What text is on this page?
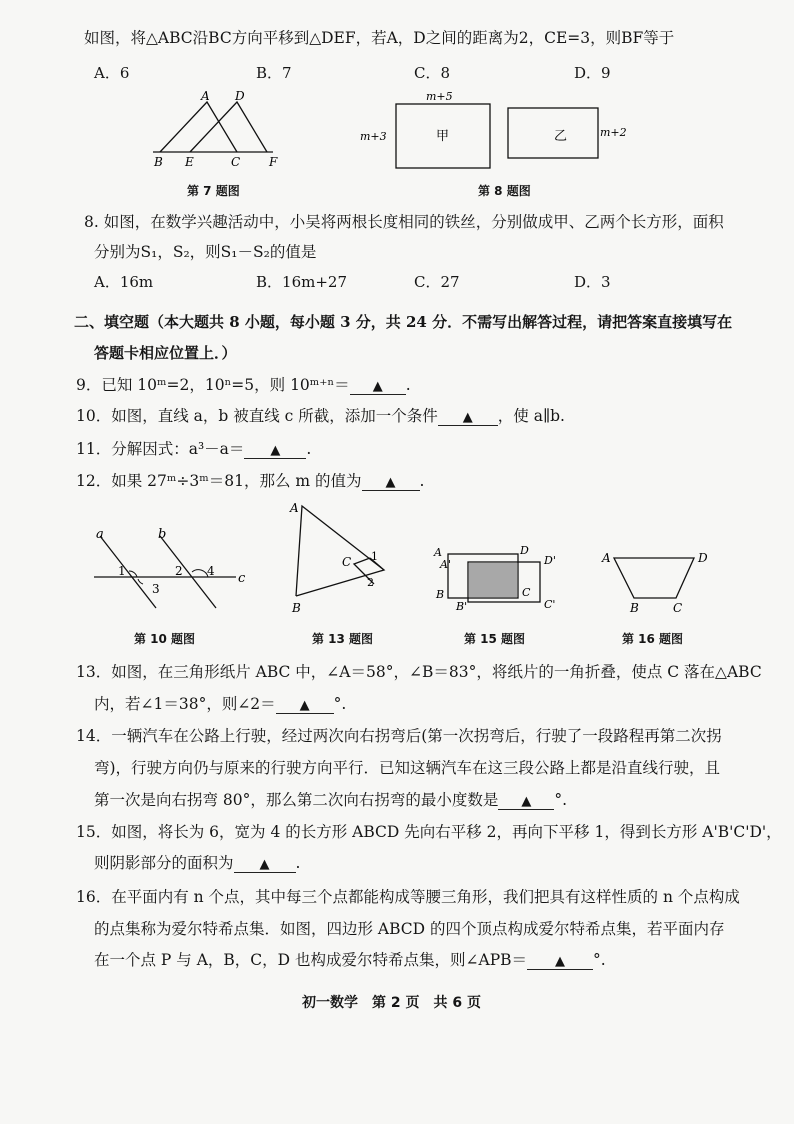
如图，将△ABC沿BC方向平移到△DEF，若A，D之间的距离为2，CE=3，则BF等于
A．6	B．7	C．8	D．9
A D
B E	C F
第 7 题图
m+5
m+3	甲	乙	m+2
第 8 题图
8. 如图，在数学兴趣活动中，小吴将两根长度相同的铁丝，分别做成甲、乙两个长方形，面积
分别为S₁，S₂，则S₁－S₂的值是
A．16m	B．16m+27	C．27	D．3
二、填空题（本大题共 8 小题，每小题 3 分，共 24 分．不需写出解答过程，请把答案直接填写在
答题卡相应位置上．）
9．已知 10ᵐ=2，10ⁿ=5，则 10ᵐ⁺ⁿ＝ ▲ .
10．如图，直线 a，b 被直线 c 所截，添加一个条件 ▲ ，使 a∥b.
11．分解因式：a³－a＝ ▲ .
12．如果 27ᵐ÷3ᵐ＝81，那么 m 的值为 ▲ .
a	b
1	2
3
4 c
第 10 题图
A
C 1
2
B
第 13 题图
A'
D
D'
A
B	C
B'	C'
第 15 题图
A	D
B	C
第 16 题图
13．如图，在三角形纸片 ABC 中，∠A＝58°，∠B＝83°，将纸片的一角折叠，使点 C 落在△ABC
内，若∠1＝38°，则∠2＝ ▲ °.
14．一辆汽车在公路上行驶，经过两次向右拐弯后(第一次拐弯后，行驶了一段路程再第二次拐
弯)，行驶方向仍与原来的行驶方向平行．已知这辆汽车在这三段公路上都是沿直线行驶，且
第一次是向右拐弯 80°，那么第二次向右拐弯的最小度数是 ▲ °.
15．如图，将长为 6，宽为 4 的长方形 ABCD 先向右平移 2，再向下平移 1，得到长方形 A'B'C'D'，
则阴影部分的面积为 ▲ .
16．在平面内有 n 个点，其中每三个点都能构成等腰三角形，我们把具有这样性质的 n 个点构成
的点集称为爱尔特希点集．如图，四边形 ABCD 的四个顶点构成爱尔特希点集，若平面内存
在一个点 P 与 A，B，C，D 也构成爱尔特希点集，则∠APB＝ ▲ °.
初一数学　第 2 页　共 6 页
